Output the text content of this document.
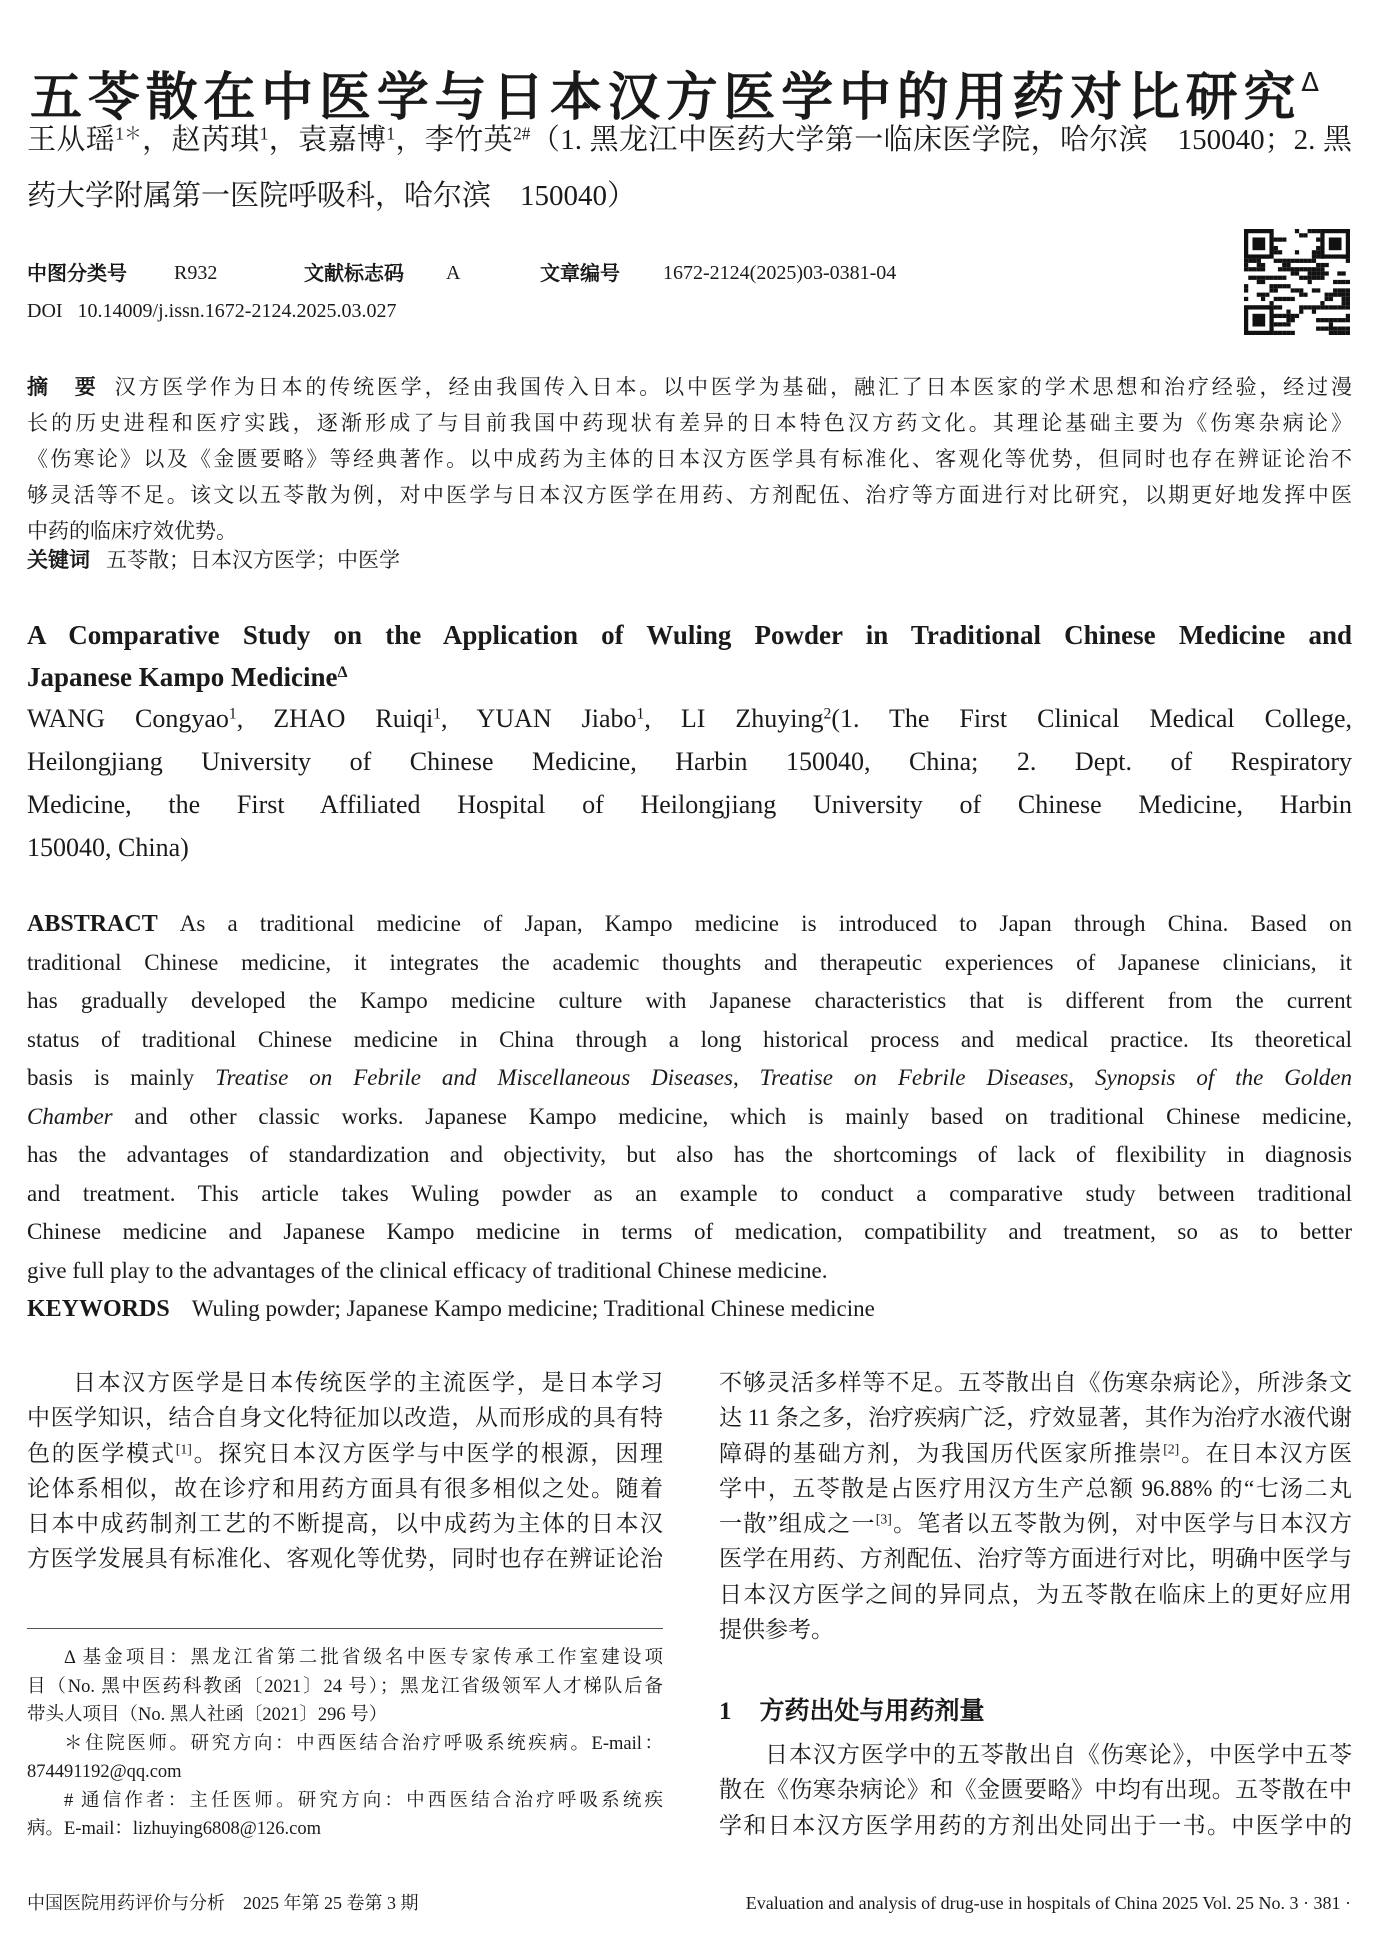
五苓散在中医学与日本汉方医学中的用药对比研究$^\Delta$
王从瑶$^{1*}$，赵芮琪$^1$，袁嘉博$^1$，李竹英$^{2\#}$（1. 黑龙江中医药大学第一临床医学院，哈尔滨　150040；2. 黑
药大学附属第一医院呼吸科，哈尔滨　150040）
中图分类号 R932	文献标志码 A	文章编号 1672-2124(2025)03-0381-04
DOI 10.14009/j.issn.1672-2124.2025.03.027
摘　要 汉方医学作为日本的传统医学，经由我国传入日本。以中医学为基础，融汇了日本医家的学术思想和治疗经验，经过漫
长的历史进程和医疗实践，逐渐形成了与目前我国中药现状有差异的日本特色汉方药文化。其理论基础主要为《伤寒杂病论》
《伤寒论》以及《金匮要略》等经典著作。以中成药为主体的日本汉方医学具有标准化、客观化等优势，但同时也存在辨证论治不
够灵活等不足。该文以五苓散为例，对中医学与日本汉方医学在用药、方剂配伍、治疗等方面进行对比研究，以期更好地发挥中医
中药的临床疗效优势。
关键词 五苓散；日本汉方医学；中医学
A Comparative Study on the Application of Wuling Powder in Traditional Chinese Medicine and
Japanese Kampo Medicine$^\Delta$
WANG Congyao$^1$, ZHAO Ruiqi$^1$, YUAN Jiabo$^1$, LI Zhuying$^2$(1. The First Clinical Medical College,
Heilongjiang University of Chinese Medicine, Harbin 150040, China; 2. Dept. of Respiratory
Medicine, the First Affiliated Hospital of Heilongjiang University of Chinese Medicine, Harbin
150040, China)
ABSTRACT As a traditional medicine of Japan, Kampo medicine is introduced to Japan through China. Based on
traditional Chinese medicine, it integrates the academic thoughts and therapeutic experiences of Japanese clinicians, it
has gradually developed the Kampo medicine culture with Japanese characteristics that is different from the current
status of traditional Chinese medicine in China through a long historical process and medical practice. Its theoretical
basis is mainly Treatise on Febrile and Miscellaneous Diseases, Treatise on Febrile Diseases, Synopsis of the Golden
Chamber and other classic works. Japanese Kampo medicine, which is mainly based on traditional Chinese medicine,
has the advantages of standardization and objectivity, but also has the shortcomings of lack of flexibility in diagnosis
and treatment. This article takes Wuling powder as an example to conduct a comparative study between traditional
Chinese medicine and Japanese Kampo medicine in terms of medication, compatibility and treatment, so as to better
give full play to the advantages of the clinical efficacy of traditional Chinese medicine.
KEYWORDS Wuling powder; Japanese Kampo medicine; Traditional Chinese medicine
日本汉方医学是日本传统医学的主流医学，是日本学习
中医学知识，结合自身文化特征加以改造，从而形成的具有特
色的医学模式[1]。探究日本汉方医学与中医学的根源，因理
论体系相似，故在诊疗和用药方面具有很多相似之处。随着
日本中成药制剂工艺的不断提高，以中成药为主体的日本汉
方医学发展具有标准化、客观化等优势，同时也存在辨证论治
Δ 基金项目：黑龙江省第二批省级名中医专家传承工作室建设项
目（No. 黑中医药科教函〔2021〕24 号）；黑龙江省级领军人才梯队后备
带头人项目（No. 黑人社函〔2021〕296 号）
＊住院医师。研究方向：中西医结合治疗呼吸系统疾病。E-mail：
874491192@qq.com
# 通信作者：主任医师。研究方向：中西医结合治疗呼吸系统疾
病。E-mail：lizhuying6808@126.com
不够灵活多样等不足。五苓散出自《伤寒杂病论》，所涉条文
达 11 条之多，治疗疾病广泛，疗效显著，其作为治疗水液代谢
障碍的基础方剂，为我国历代医家所推崇[2]。在日本汉方医
学中，五苓散是占医疗用汉方生产总额 96.88% 的“七汤二丸
一散”组成之一[3]。笔者以五苓散为例，对中医学与日本汉方
医学在用药、方剂配伍、治疗等方面进行对比，明确中医学与
日本汉方医学之间的异同点，为五苓散在临床上的更好应用
提供参考。
1 方药出处与用药剂量
日本汉方医学中的五苓散出自《伤寒论》，中医学中五苓
散在《伤寒杂病论》和《金匮要略》中均有出现。五苓散在中
学和日本汉方医学用药的方剂出处同出于一书。中医学中的
中国医院用药评价与分析　2025 年第 25 卷第 3 期	Evaluation and analysis of drug-use in hospitals of China 2025 Vol. 25 No. 3 · 381 ·
